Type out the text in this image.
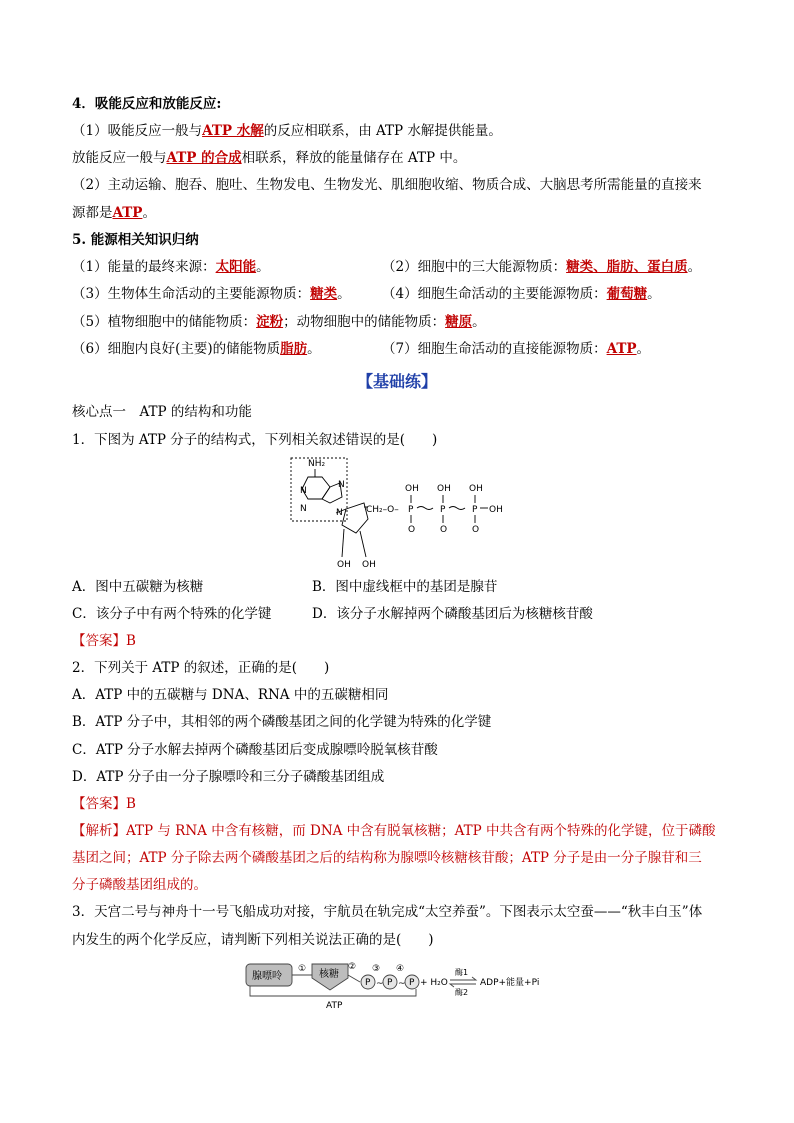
4．吸能反应和放能反应:
（1）吸能反应一般与ATP 水解的反应相联系，由 ATP 水解提供能量。
放能反应一般与ATP 的合成相联系，释放的能量储存在 ATP 中。
（2）主动运输、胞吞、胞吐、生物发电、生物发光、肌细胞收缩、物质合成、大脑思考所需能量的直接来
源都是ATP。
5. 能源相关知识归纳
（1）能量的最终来源：太阳能。	（2）细胞中的三大能源物质：糖类、脂肪、蛋白质。
（3）生物体生命活动的主要能源物质：糖类。 （4）细胞生命活动的主要能源物质：葡萄糖。
（5）植物细胞中的储能物质：淀粉；动物细胞中的储能物质：糖原。
（6）细胞内良好(主要)的储能物质脂肪。	（7）细胞生命活动的直接能源物质：ATP。
【基础练】
核心点一　ATP 的结构和功能
1．下图为 ATP 分子的结构式，下列相关叙述错误的是(　　)
NH₂
N
N
N
N	CH₂–O– P	P	P
OH OH OH
OH
O	O	O
OH OH
A．图中五碳糖为核糖	B．图中虚线框中的基团是腺苷
C．该分子中有两个特殊的化学键	D．该分子水解掉两个磷酸基团后为核糖核苷酸
【答案】B
2．下列关于 ATP 的叙述，正确的是(　　)
A．ATP 中的五碳糖与 DNA、RNA 中的五碳糖相同
B．ATP 分子中，其相邻的两个磷酸基团之间的化学键为特殊的化学键
C．ATP 分子水解去掉两个磷酸基团后变成腺嘌呤脱氧核苷酸
D．ATP 分子由一分子腺嘌呤和三分子磷酸基团组成
【答案】B
【解析】ATP 与 RNA 中含有核糖，而 DNA 中含有脱氧核糖；ATP 中共含有两个特殊的化学键，位于磷酸
基团之间；ATP 分子除去两个磷酸基团之后的结构称为腺嘌呤核糖核苷酸；ATP 分子是由一分子腺苷和三
分子磷酸基团组成的。
3．天宫二号与神舟十一号飞船成功对接，宇航员在轨完成“太空养蚕”。下图表示太空蚕——“秋丰白玉”体
内发生的两个化学反应，请判断下列相关说法正确的是(　　)
腺嘌呤	核糖
①	② ③ ④
P P P
~ ~ + H₂O
酶1
酶2
ADP+能量+Pi
ATP
